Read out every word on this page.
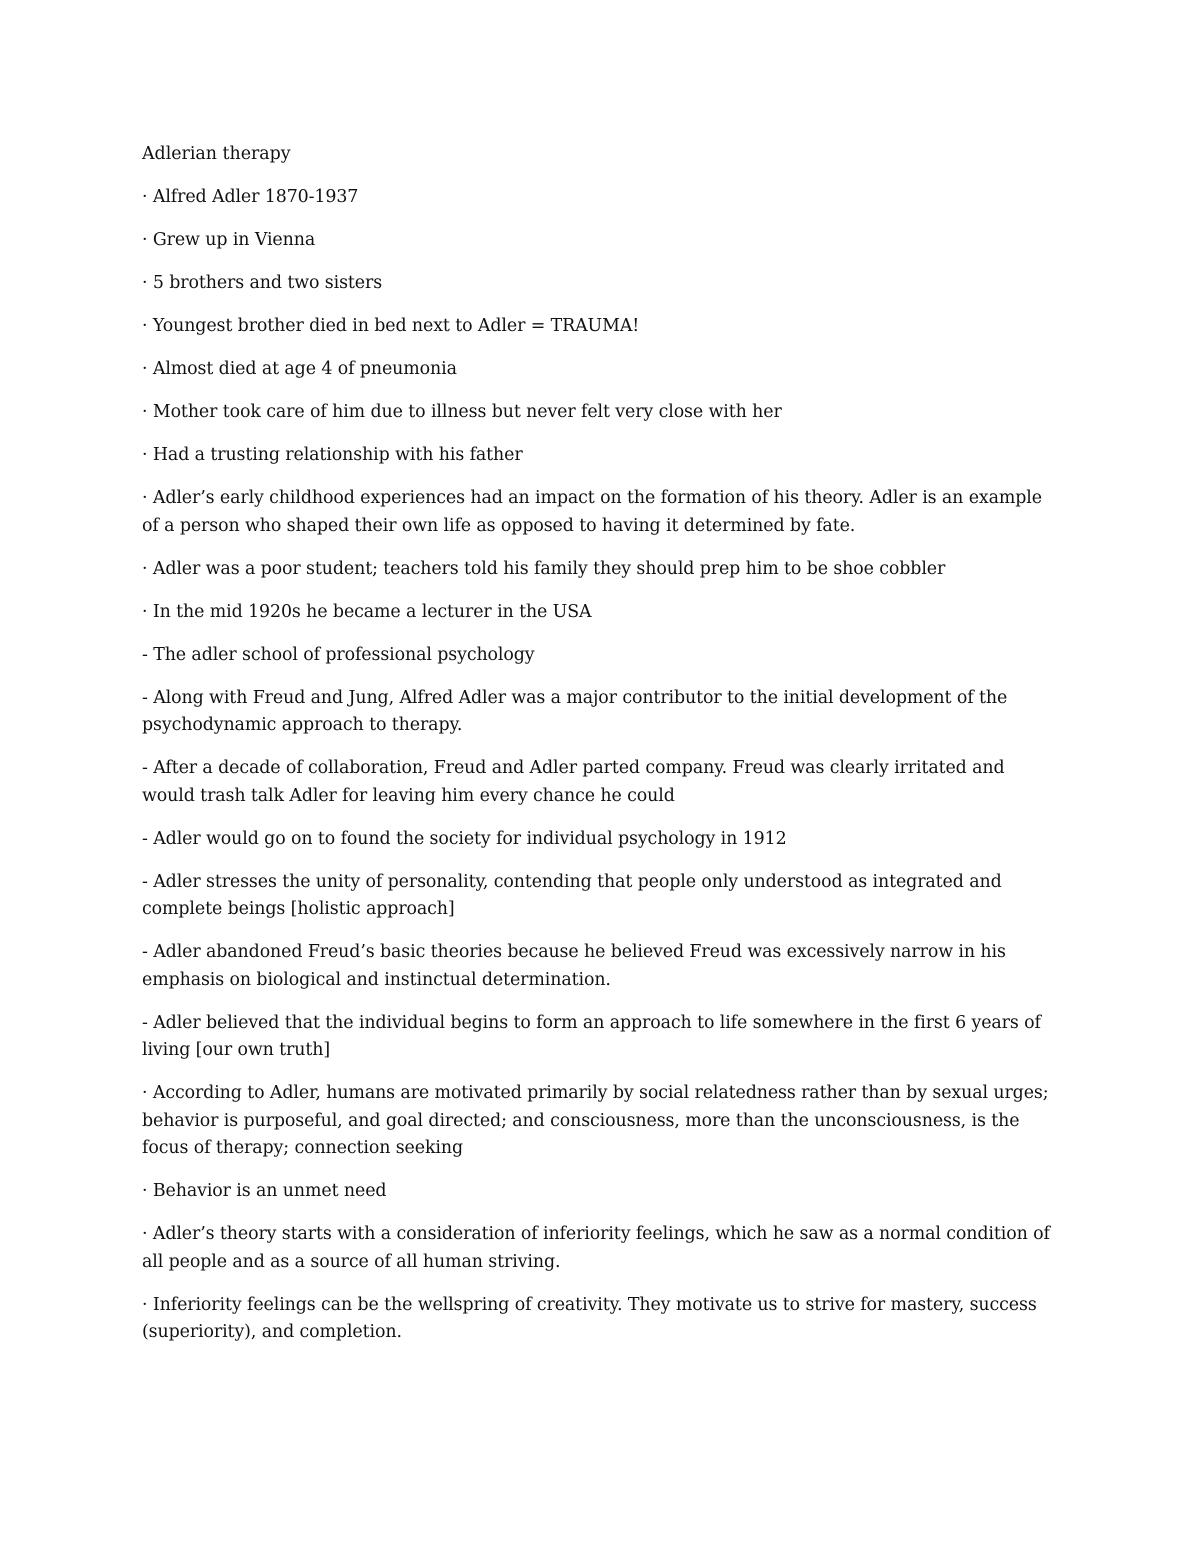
Adlerian therapy

· Alfred Adler 1870-1937

· Grew up in Vienna

· 5 brothers and two sisters

· Youngest brother died in bed next to Adler = TRAUMA!

· Almost died at age 4 of pneumonia

· Mother took care of him due to illness but never felt very close with her

· Had a trusting relationship with his father

· Adler’s early childhood experiences had an impact on the formation of his theory. Adler is an example of a person who shaped their own life as opposed to having it determined by fate.

· Adler was a poor student; teachers told his family they should prep him to be shoe cobbler

· In the mid 1920s he became a lecturer in the USA

- The adler school of professional psychology

- Along with Freud and Jung, Alfred Adler was a major contributor to the initial development of the psychodynamic approach to therapy.

- After a decade of collaboration, Freud and Adler parted company. Freud was clearly irritated and would trash talk Adler for leaving him every chance he could

- Adler would go on to found the society for individual psychology in 1912

- Adler stresses the unity of personality, contending that people only understood as integrated and complete beings [holistic approach]

- Adler abandoned Freud’s basic theories because he believed Freud was excessively narrow in his emphasis on biological and instinctual determination.

- Adler believed that the individual begins to form an approach to life somewhere in the first 6 years of living [our own truth]

· According to Adler, humans are motivated primarily by social relatedness rather than by sexual urges; behavior is purposeful, and goal directed; and consciousness, more than the unconsciousness, is the focus of therapy; connection seeking

· Behavior is an unmet need

· Adler’s theory starts with a consideration of inferiority feelings, which he saw as a normal condition of all people and as a source of all human striving.

· Inferiority feelings can be the wellspring of creativity. They motivate us to strive for mastery, success (superiority), and completion.
